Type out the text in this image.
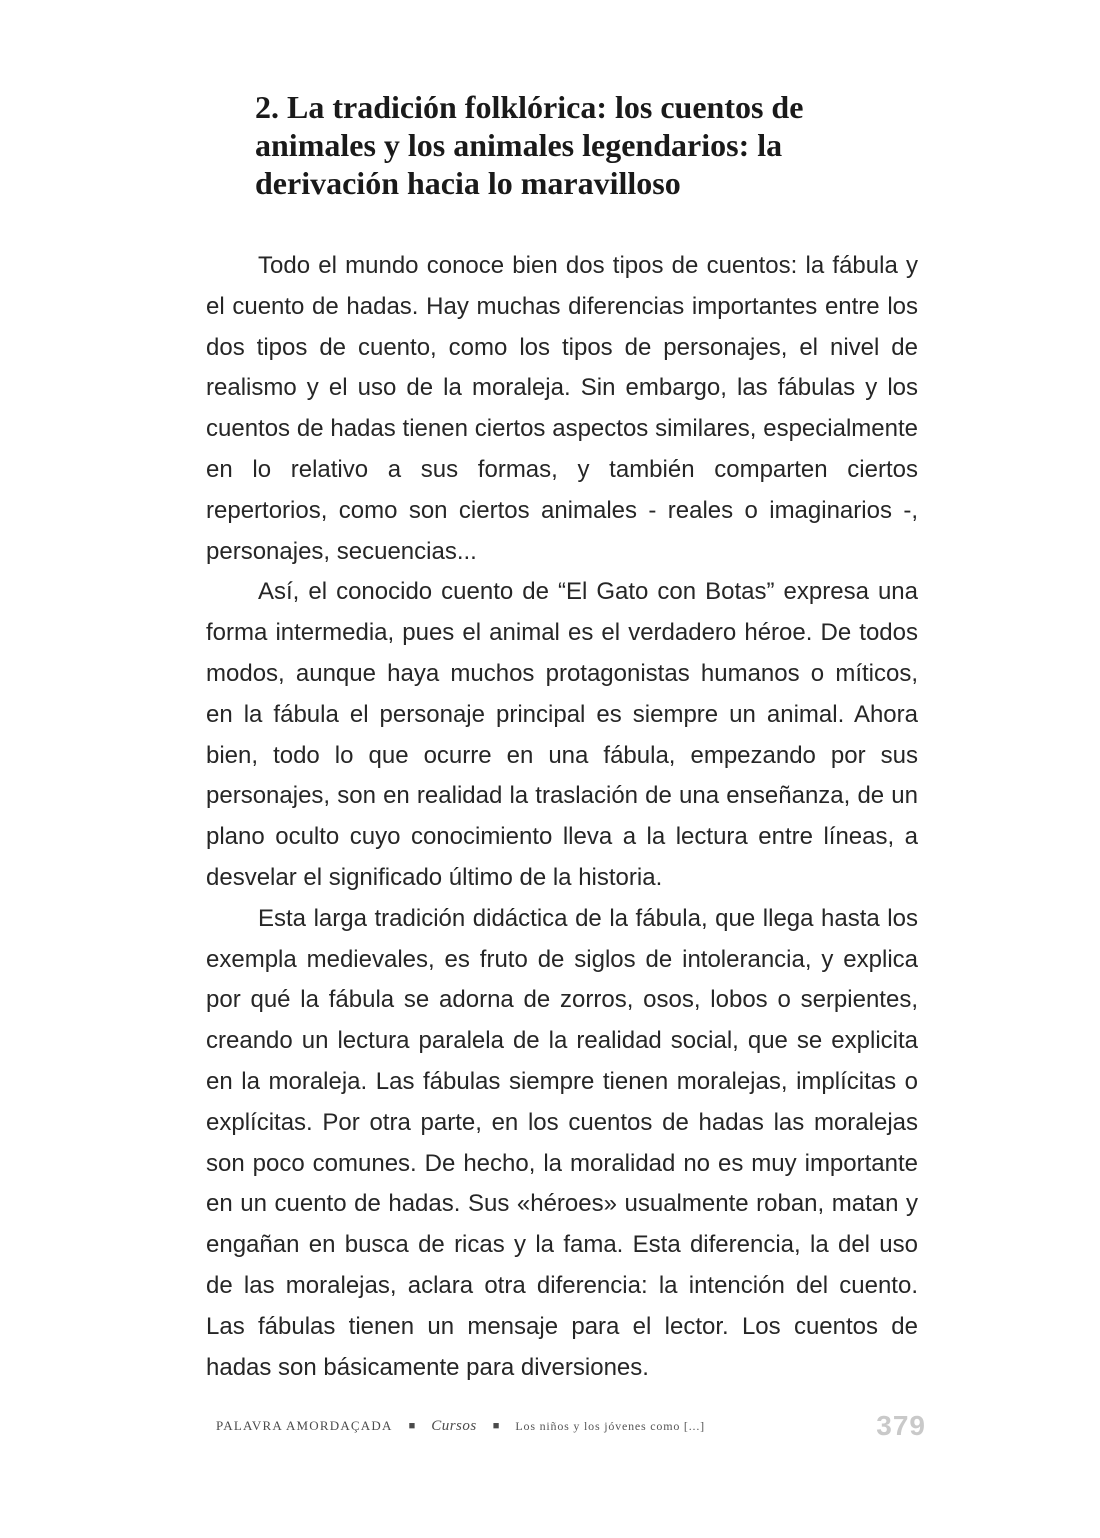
2. La tradición folklórica: los cuentos de animales y los animales legendarios: la derivación hacia lo maravilloso

Todo el mundo conoce bien dos tipos de cuentos: la fábula y el cuento de hadas. Hay muchas diferencias importantes entre los dos tipos de cuento, como los tipos de personajes, el nivel de realismo y el uso de la moraleja. Sin embargo, las fábulas y los cuentos de hadas tienen ciertos aspectos similares, especialmente en lo relativo a sus formas, y también comparten ciertos repertorios, como son ciertos animales - reales o imaginarios -, personajes, secuencias...

Así, el conocido cuento de “El Gato con Botas” expresa una forma intermedia, pues el animal es el verdadero héroe. De todos modos, aunque haya muchos protagonistas humanos o míticos, en la fábula el personaje principal es siempre un animal. Ahora bien, todo lo que ocurre en una fábula, empezando por sus personajes, son en realidad la traslación de una enseñanza, de un plano oculto cuyo conocimiento lleva a la lectura entre líneas, a desvelar el significado último de la historia.

Esta larga tradición didáctica de la fábula, que llega hasta los exempla medievales, es fruto de siglos de intolerancia, y explica por qué la fábula se adorna de zorros, osos, lobos o serpientes, creando un lectura paralela de la realidad social, que se explicita en la moraleja. Las fábulas siempre tienen moralejas, implícitas o explícitas. Por otra parte, en los cuentos de hadas las moralejas son poco comunes. De hecho, la moralidad no es muy importante en un cuento de hadas. Sus «héroes» usualmente roban, matan y engañan en busca de ricas y la fama. Esta diferencia, la del uso de las moralejas, aclara otra diferencia: la intención del cuento. Las fábulas tienen un mensaje para el lector. Los cuentos de hadas son básicamente para diversiones.

PALAVRA AMORDAÇADA ■ Cursos ■ Los niños y los jóvenes como [...]	379
